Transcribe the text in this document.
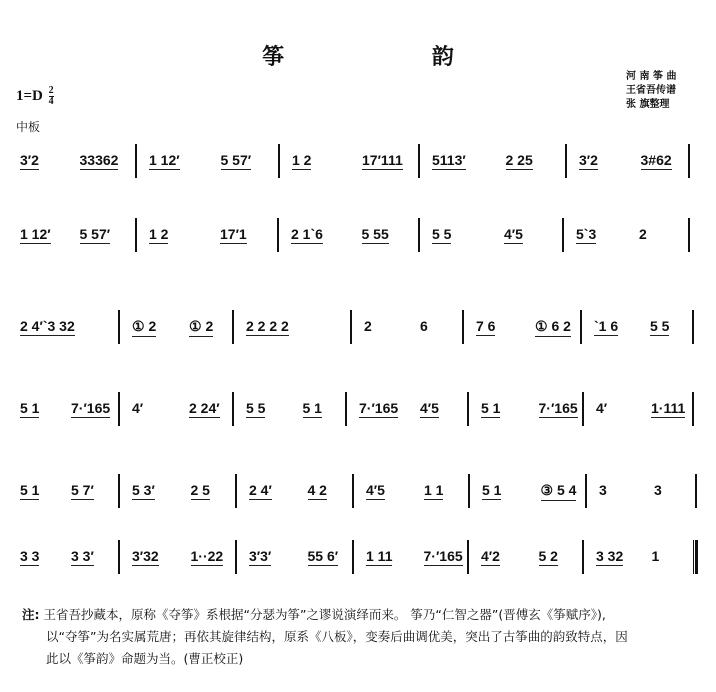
筝 韵
$1=D \frac{2}{4}$
中板
河 南 筝 曲
王省吾传谱
张 旗整理
3′2	33362 1 12′	5 57′	1 2	17′111 5113′	2 25	3′2	3#62
1 12′ 5 57′	1 2	17′1	2 1`6	5 55	5 5	4′5	5`3	2
2 4′`3 32	① 2 ① 2 2 2 2 2	2	6	7 6	① 6 2 `1 6 5 5
5 1 7·′165 4′	2 24′ 5 5	5 1	7·′165 4′5	5 1	7·′165 4′	1·111
5 1 5 7′	5 3′	2 5	2 4′	4 2	4′5	1 1	5 1	③ 5 4 3	3
3 3 3 3′	3′32 1··22 3′3′	55 6′ 1 11 7·′165 4′2	5 2	3 32 1
注: 王省吾抄藏本，原称《夺筝》系根据“分瑟为筝”之谬说演绎而来。 筝乃“仁智之器”(晋傅玄《筝赋序》),
以“夺筝”为名实属荒唐；再依其旋律结构，原系《八板》，变奏后曲调优美，突出了古筝曲的韵致特点，因
此以《筝韵》命题为当。(曹正校正)
